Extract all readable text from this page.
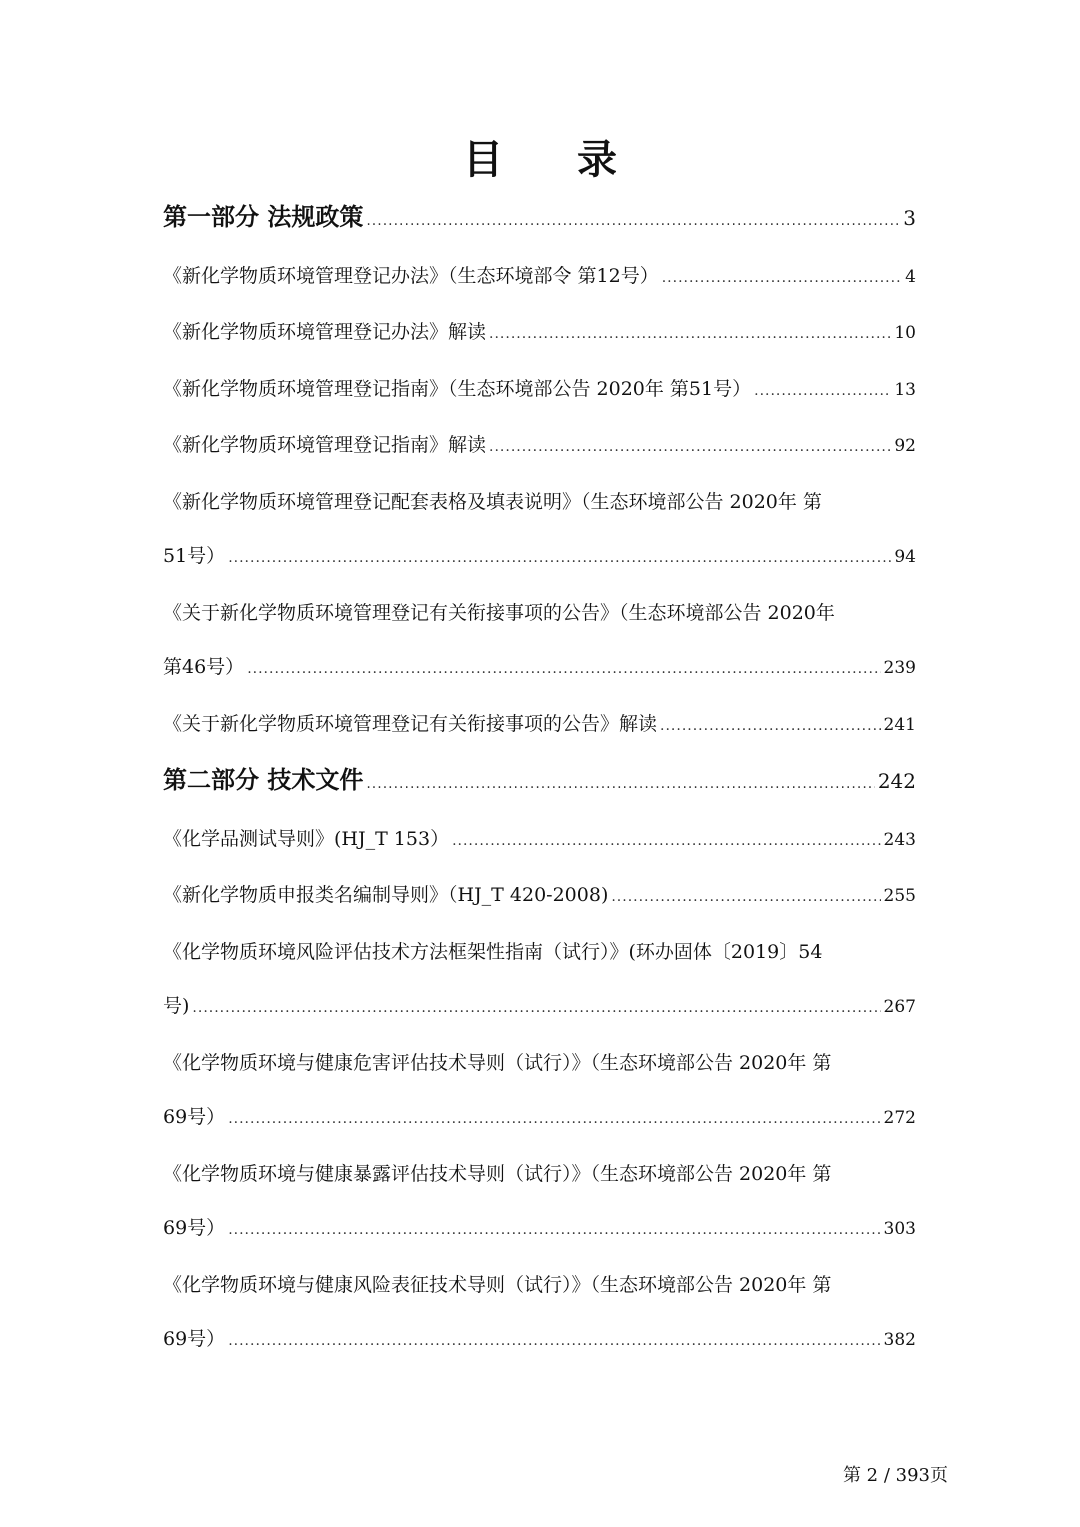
目 录
第一部分 法规政策 .....	3
《新化学物质环境管理登记办法》（生态环境部令 第12号） .....	4
《新化学物质环境管理登记办法》解读 .....	10
《新化学物质环境管理登记指南》（生态环境部公告 2020年 第51号） .....	13
《新化学物质环境管理登记指南》解读 .....	92
《新化学物质环境管理登记配套表格及填表说明》（生态环境部公告 2020年 第
51号） .....	94
《关于新化学物质环境管理登记有关衔接事项的公告》（生态环境部公告 2020年
第46号） .....	239
《关于新化学物质环境管理登记有关衔接事项的公告》解读 .....	241
第二部分 技术文件 .....	242
《化学品测试导则》(HJ_T 153） .....	243
《新化学物质申报类名编制导则》（HJ_T 420-2008) .....	255
《化学物质环境风险评估技术方法框架性指南（试行）》(环办固体〔2019〕54
号) .....	267
《化学物质环境与健康危害评估技术导则（试行）》（生态环境部公告 2020年 第
69号） .....	272
《化学物质环境与健康暴露评估技术导则（试行）》（生态环境部公告 2020年 第
69号） .....	303
《化学物质环境与健康风险表征技术导则（试行）》（生态环境部公告 2020年 第
69号） .....	382
第 2 / 393页
